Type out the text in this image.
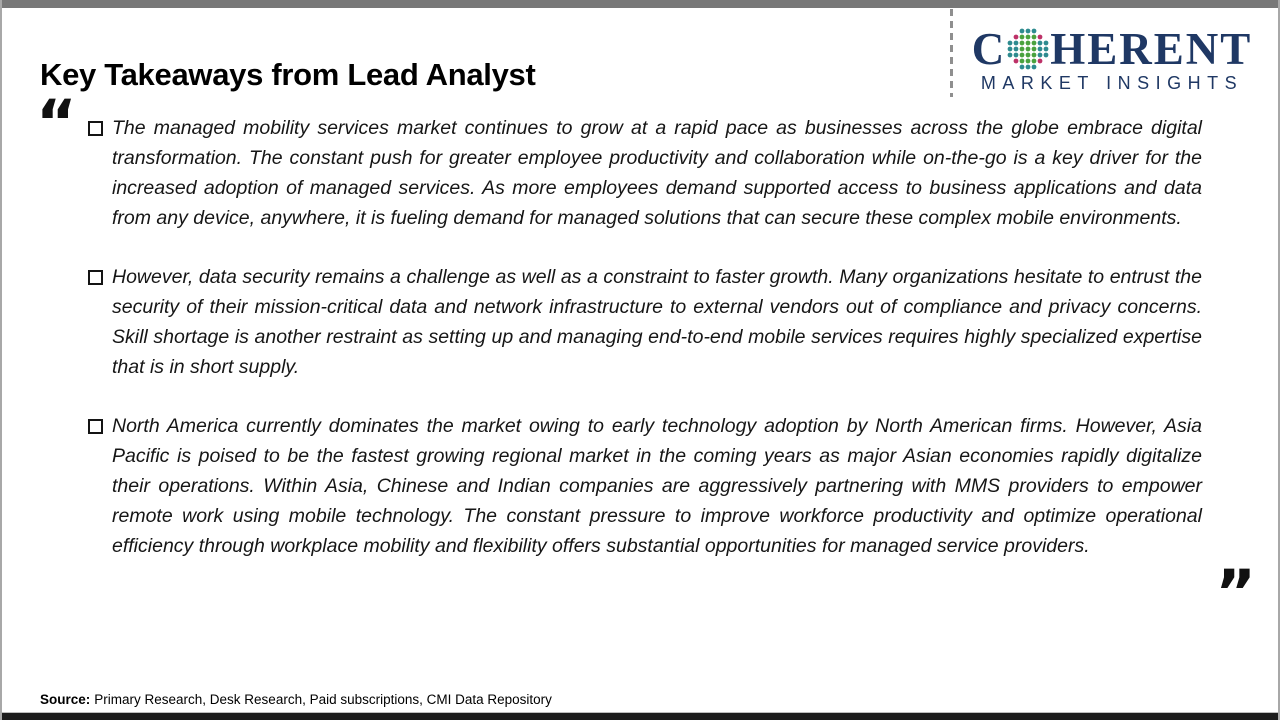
Key Takeaways from Lead Analyst
C HERENT
MARKET INSIGHTS
“ The managed mobility services market continues to grow at a rapid pace as businesses across the globe embrace digital transformation. The constant push for greater employee productivity and collaboration while on-the-go is a key driver for the increased adoption of managed services. As more employees demand supported access to business applications and data from any device, anywhere, it is fueling demand for managed solutions that can secure these complex mobile environments.
However, data security remains a challenge as well as a constraint to faster growth. Many organizations hesitate to entrust the security of their mission-critical data and network infrastructure to external vendors out of compliance and privacy concerns. Skill shortage is another restraint as setting up and managing end-to-end mobile services requires highly specialized expertise that is in short supply.
North America currently dominates the market owing to early technology adoption by North American firms. However, Asia Pacific is poised to be the fastest growing regional market in the coming years as major Asian economies rapidly digitalize their operations. Within Asia, Chinese and Indian companies are aggressively partnering with MMS providers to empower remote work using mobile technology. The constant pressure to improve workforce productivity and optimize operational efficiency through workplace mobility and flexibility offers substantial opportunities for managed service providers.
”
Source: Primary Research, Desk Research, Paid subscriptions, CMI Data Repository
